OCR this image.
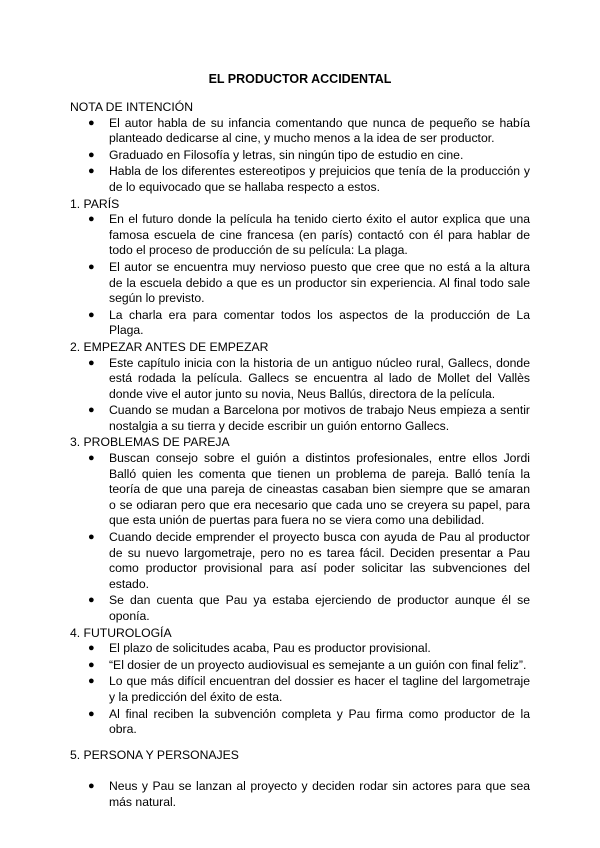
EL PRODUCTOR ACCIDENTAL

NOTA DE INTENCIÓN

● El autor habla de su infancia comentando que nunca de pequeño se había planteado dedicarse al cine, y mucho menos a la idea de ser productor.
● Graduado en Filosofía y letras, sin ningún tipo de estudio en cine.
● Habla de los diferentes estereotipos y prejuicios que tenía de la producción y de lo equivocado que se hallaba respecto a estos.

1. PARÍS

● En el futuro donde la película ha tenido cierto éxito el autor explica que una famosa escuela de cine francesa (en parís) contactó con él para hablar de todo el proceso de producción de su película: La plaga.
● El autor se encuentra muy nervioso puesto que cree que no está a la altura de la escuela debido a que es un productor sin experiencia. Al final todo sale según lo previsto.
● La charla era para comentar todos los aspectos de la producción de La Plaga.

2. EMPEZAR ANTES DE EMPEZAR

● Este capítulo inicia con la historia de un antiguo núcleo rural, Gallecs, donde está rodada la película. Gallecs se encuentra al lado de Mollet del Vallès donde vive el autor junto su novia, Neus Ballús, directora de la película.
● Cuando se mudan a Barcelona por motivos de trabajo Neus empieza a sentir nostalgia a su tierra y decide escribir un guión entorno Gallecs.

3. PROBLEMAS DE PAREJA

● Buscan consejo sobre el guión a distintos profesionales, entre ellos Jordi Balló quien les comenta que tienen un problema de pareja. Balló tenía la teoría de que una pareja de cineastas casaban bien siempre que se amaran o se odiaran pero que era necesario que cada uno se creyera su papel, para que esta unión de puertas para fuera no se viera como una debilidad.
● Cuando decide emprender el proyecto busca con ayuda de Pau al productor de su nuevo largometraje, pero no es tarea fácil. Deciden presentar a Pau como productor provisional para así poder solicitar las subvenciones del estado.
● Se dan cuenta que Pau ya estaba ejerciendo de productor aunque él se oponía.

4. FUTUROLOGÍA

● El plazo de solicitudes acaba, Pau es productor provisional.
● “El dosier de un proyecto audiovisual es semejante a un guión con final feliz”.
● Lo que más difícil encuentran del dossier es hacer el tagline del largometraje y la predicción del éxito de esta.
● Al final reciben la subvención completa y Pau firma como productor de la obra.

5. PERSONA Y PERSONAJES

● Neus y Pau se lanzan al proyecto y deciden rodar sin actores para que sea más natural.
